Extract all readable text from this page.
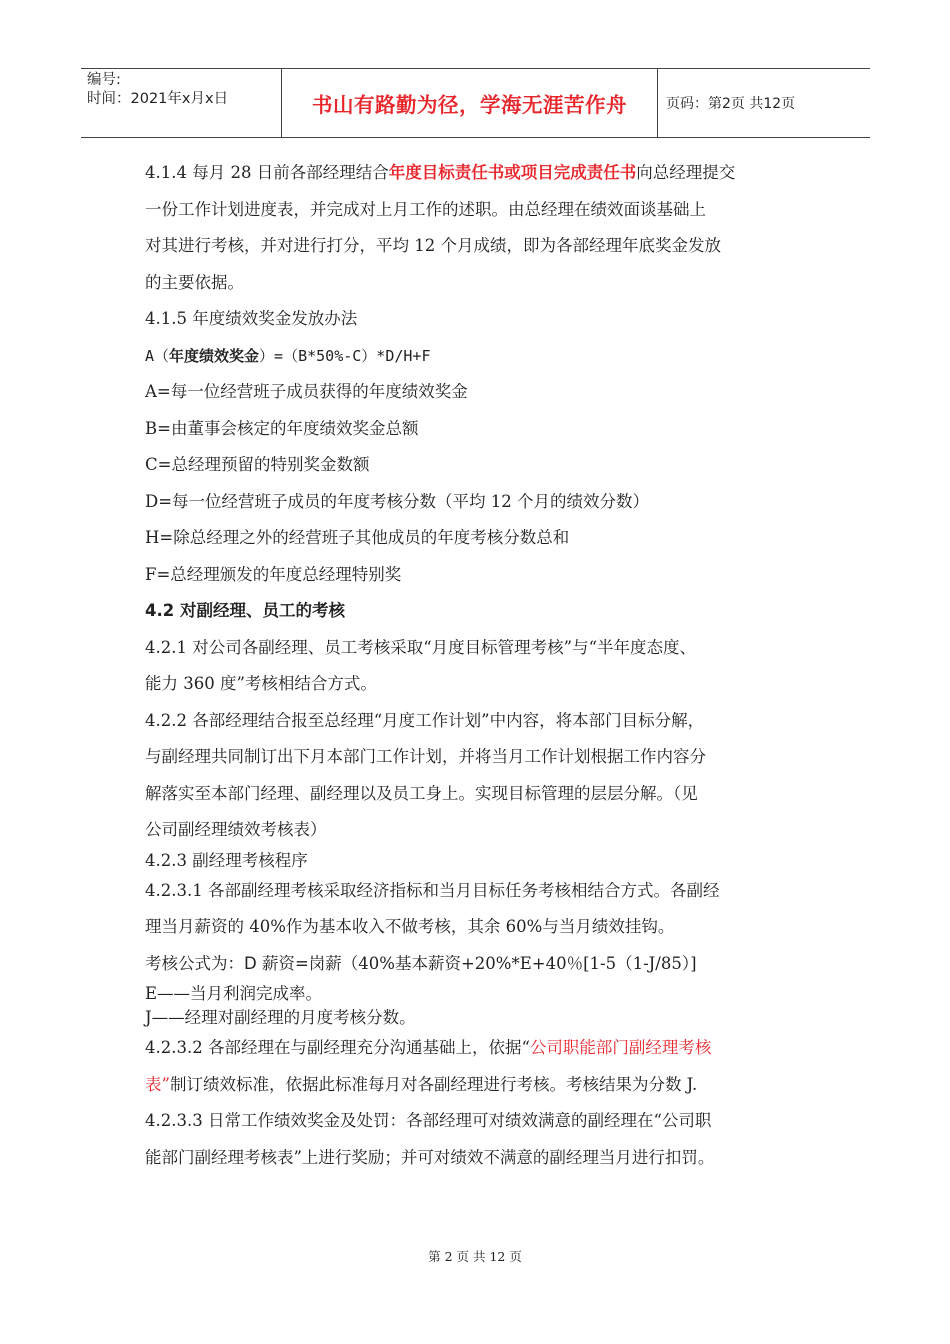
编号:
时间：2021年x月x日	书山有路勤为径，学海无涯苦作舟	页码：第2页 共12页

4.1.4 每月 28 日前各部经理结合年度目标责任书或项目完成责任书向总经理提交

一份工作计划进度表，并完成对上月工作的述职。由总经理在绩效面谈基础上

对其进行考核，并对进行打分，平均 12 个月成绩，即为各部经理年底奖金发放

的主要依据。

4.1.5 年度绩效奖金发放办法

A（年度绩效奖金）=（B*50%-C）*D/H+F

A=每一位经营班子成员获得的年度绩效奖金

B=由董事会核定的年度绩效奖金总额

C=总经理预留的特别奖金数额

D=每一位经营班子成员的年度考核分数（平均 12 个月的绩效分数）

H=除总经理之外的经营班子其他成员的年度考核分数总和

F=总经理颁发的年度总经理特别奖

4.2 对副经理、员工的考核

4.2.1 对公司各副经理、员工考核采取“月度目标管理考核”与“半年度态度、

能力 360 度”考核相结合方式。

4.2.2 各部经理结合报至总经理“月度工作计划”中内容，将本部门目标分解，

与副经理共同制订出下月本部门工作计划，并将当月工作计划根据工作内容分

解落实至本部门经理、副经理以及员工身上。实现目标管理的层层分解。（见

公司副经理绩效考核表）

4.2.3 副经理考核程序

4.2.3.1 各部副经理考核采取经济指标和当月目标任务考核相结合方式。各副经

理当月薪资的 40%作为基本收入不做考核，其余 60%与当月绩效挂钩。

考核公式为：D 薪资=岗薪（40%基本薪资+20%*E+40％[1-5（1-J/85）]

E——当月利润完成率。

J——经理对副经理的月度考核分数。

4.2.3.2 各部经理在与副经理充分沟通基础上，依据“公司职能部门副经理考核

表”制订绩效标准，依据此标准每月对各副经理进行考核。考核结果为分数 J.

4.2.3.3 日常工作绩效奖金及处罚：各部经理可对绩效满意的副经理在“公司职

能部门副经理考核表”上进行奖励；并可对绩效不满意的副经理当月进行扣罚。

第 2 页 共 12 页
